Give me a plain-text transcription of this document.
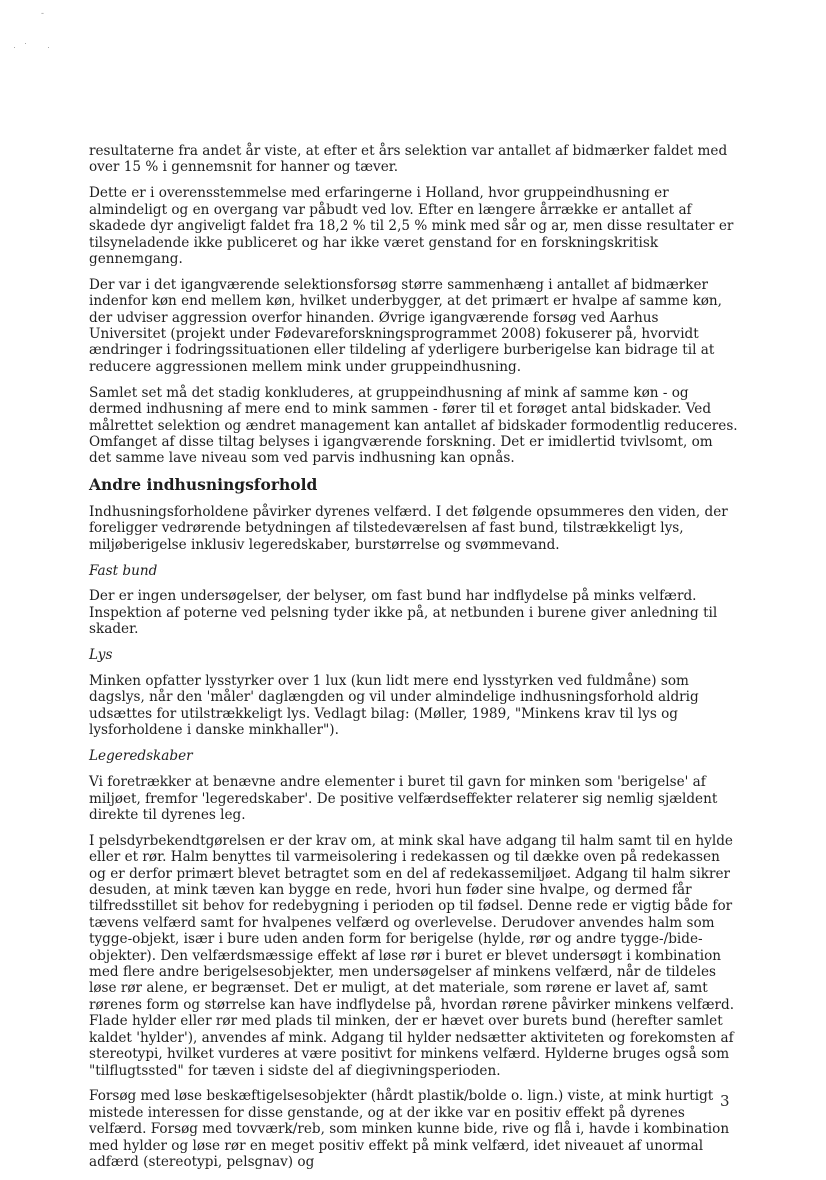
-
· · ·

resultaterne fra andet år viste, at efter et års selektion var antallet af bidmærker faldet med over 15 % i gennemsnit for hanner og tæver.

Dette er i overensstemmelse med erfaringerne i Holland, hvor gruppeindhusning er almindeligt og en overgang var påbudt ved lov. Efter en længere årrække er antallet af skadede dyr angiveligt faldet fra 18,2 % til 2,5 % mink med sår og ar, men disse resultater er tilsyneladende ikke publiceret og har ikke været genstand for en forskningskritisk gennemgang.

Der var i det igangværende selektionsforsøg større sammenhæng i antallet af bidmærker indenfor køn end mellem køn, hvilket underbygger, at det primært er hvalpe af samme køn, der udviser aggression overfor hinanden. Øvrige igangværende forsøg ved Aarhus Universitet (projekt under Fødevareforskningsprogrammet 2008) fokuserer på, hvorvidt ændringer i fodringssituationen eller tildeling af yderligere burberigelse kan bidrage til at reducere aggressionen mellem mink under gruppeindhusning.

Samlet set må det stadig konkluderes, at gruppeindhusning af mink af samme køn - og dermed indhusning af mere end to mink sammen - fører til et forøget antal bidskader. Ved målrettet selektion og ændret management kan antallet af bidskader formodentlig reduceres. Omfanget af disse tiltag belyses i igangværende forskning. Det er imidlertid tvivlsomt, om det samme lave niveau som ved parvis indhusning kan opnås.

Andre indhusningsforhold

Indhusningsforholdene påvirker dyrenes velfærd. I det følgende opsummeres den viden, der foreligger vedrørende betydningen af tilstedeværelsen af fast bund, tilstrækkeligt lys, miljøberigelse inklusiv legeredskaber, burstørrelse og svømmevand.

Fast bund

Der er ingen undersøgelser, der belyser, om fast bund har indflydelse på minks velfærd. Inspektion af poterne ved pelsning tyder ikke på, at netbunden i burene giver anledning til skader.

Lys

Minken opfatter lysstyrker over 1 lux (kun lidt mere end lysstyrken ved fuldmåne) som dagslys, når den 'måler' daglængden og vil under almindelige indhusningsforhold aldrig udsættes for utilstrækkeligt lys. Vedlagt bilag: (Møller, 1989, "Minkens krav til lys og lysforholdene i danske minkhaller").

Legeredskaber

Vi foretrækker at benævne andre elementer i buret til gavn for minken som 'berigelse' af miljøet, fremfor 'legeredskaber'. De positive velfærdseffekter relaterer sig nemlig sjældent direkte til dyrenes leg.

I pelsdyrbekendtgørelsen er der krav om, at mink skal have adgang til halm samt til en hylde eller et rør. Halm benyttes til varmeisolering i redekassen og til dække oven på redekassen og er derfor primært blevet betragtet som en del af redekassemiljøet. Adgang til halm sikrer desuden, at mink tæven kan bygge en rede, hvori hun føder sine hvalpe, og dermed får tilfredsstillet sit behov for redebygning i perioden op til fødsel. Denne rede er vigtig både for tævens velfærd samt for hvalpenes velfærd og overlevelse. Derudover anvendes halm som tygge-objekt, især i bure uden anden form for berigelse (hylde, rør og andre tygge-/bide-objekter). Den velfærdsmæssige effekt af løse rør i buret er blevet undersøgt i kombination med flere andre berigelsesobjekter, men undersøgelser af minkens velfærd, når de tildeles løse rør alene, er begrænset. Det er muligt, at det materiale, som rørene er lavet af, samt rørenes form og størrelse kan have indflydelse på, hvordan rørene påvirker minkens velfærd. Flade hylder eller rør med plads til minken, der er hævet over burets bund (herefter samlet kaldet 'hylder'), anvendes af mink. Adgang til hylder nedsætter aktiviteten og forekomsten af stereotypi, hvilket vurderes at være positivt for minkens velfærd. Hylderne bruges også som "tilflugtssted" for tæven i sidste del af diegivningsperioden.

Forsøg med løse beskæftigelsesobjekter (hårdt plastik/bolde o. lign.) viste, at mink hurtigt mistede interessen for disse genstande, og at der ikke var en positiv effekt på dyrenes velfærd. Forsøg med tovværk/reb, som minken kunne bide, rive og flå i, havde i kombination med hylder og løse rør en meget positiv effekt på mink velfærd, idet niveauet af unormal adfærd (stereotypi, pelsgnav) og

3
